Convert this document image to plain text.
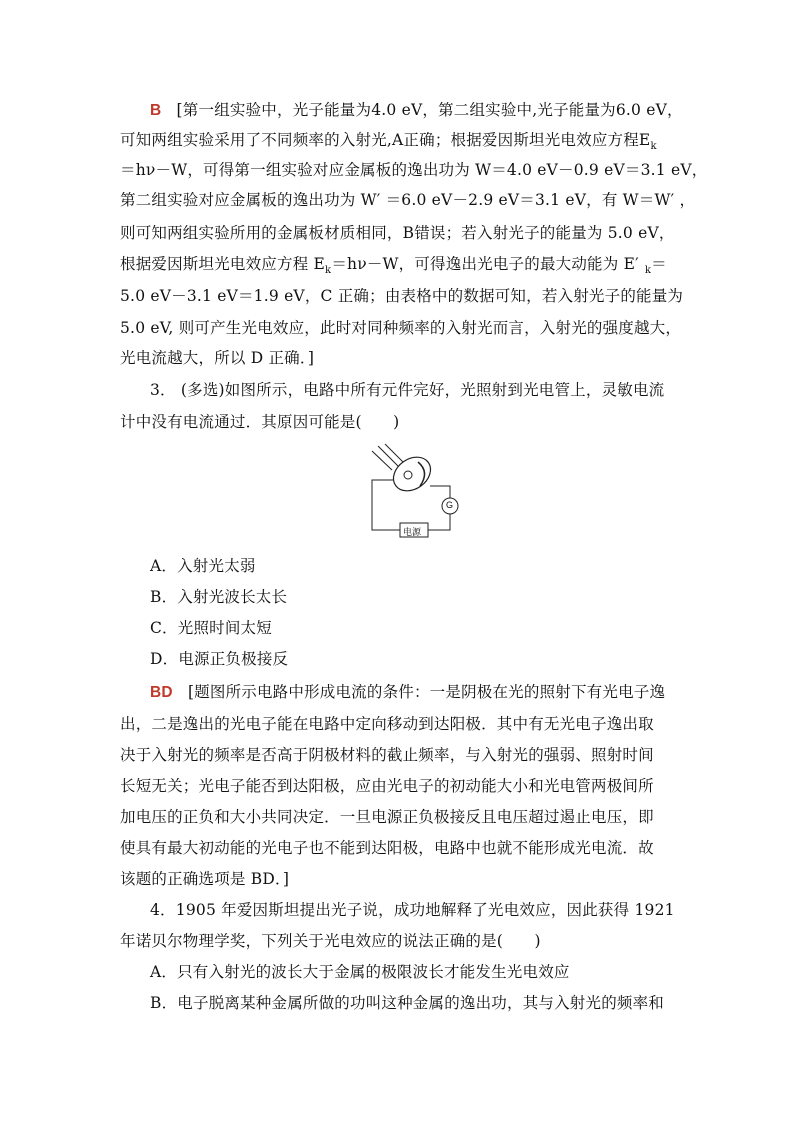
B [第一组实验中，光子能量为4.0 eV，第二组实验中,光子能量为6.0 eV，
可知两组实验采用了不同频率的入射光,A正确；根据爱因斯坦光电效应方程$E_k$
＝hν－W，可得第一组实验对应金属板的逸出功为 W＝4.0 eV－0.9 eV＝3.1 eV，
第二组实验对应金属板的逸出功为 W′ ＝6.0 eV－2.9 eV＝3.1 eV，有 W＝W′ ，
则可知两组实验所用的金属板材质相同，B错误；若入射光子的能量为 5.0 eV，
根据爱因斯坦光电效应方程 $E_k=h\nu-W$，可得逸出光电子的最大动能为 E′ $_k$＝
5.0 eV－3.1 eV＝1.9 eV，C 正确；由表格中的数据可知，若入射光子的能量为
5.0 eV, 则可产生光电效应，此时对同种频率的入射光而言，入射光的强度越大，
光电流越大，所以 D 正确．]
3． (多选)如图所示，电路中所有元件完好，光照射到光电管上，灵敏电流
计中没有电流通过．其原因可能是(　　)
G
电源
A．入射光太弱
B．入射光波长太长
C．光照时间太短
D．电源正负极接反
BD [题图所示电路中形成电流的条件：一是阴极在光的照射下有光电子逸
出，二是逸出的光电子能在电路中定向移动到达阳极．其中有无光电子逸出取
决于入射光的频率是否高于阴极材料的截止频率，与入射光的强弱、照射时间
长短无关；光电子能否到达阳极，应由光电子的初动能大小和光电管两极间所
加电压的正负和大小共同决定．一旦电源正负极接反且电压超过遏止电压，即
使具有最大初动能的光电子也不能到达阳极，电路中也就不能形成光电流．故
该题的正确选项是 BD．]
4．1905 年爱因斯坦提出光子说，成功地解释了光电效应，因此获得 1921
年诺贝尔物理学奖，下列关于光电效应的说法正确的是(　　)
A．只有入射光的波长大于金属的极限波长才能发生光电效应
B．电子脱离某种金属所做的功叫这种金属的逸出功，其与入射光的频率和
